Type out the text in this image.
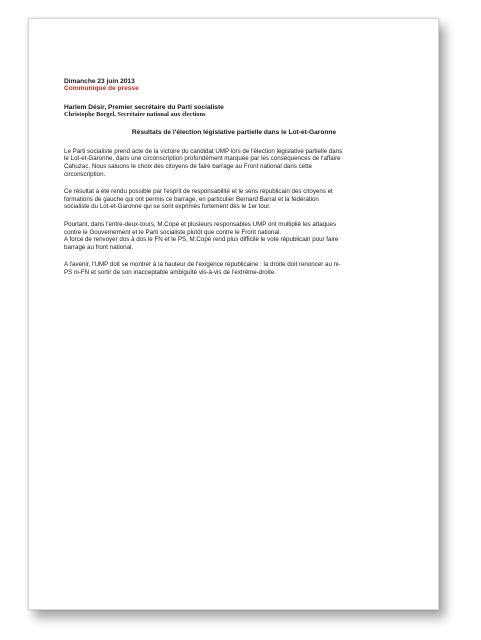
Dimanche 23 juin 2013
Communiqué de presse
Harlem Désir, Premier secrétaire du Parti socialiste
Christophe Borgel, Secrétaire national aux élections
Résultats de l'élection législative partielle dans le Lot-et-Garonne
Le Parti socialiste prend acte de la victoire du candidat UMP lors de l'élection législative partielle dans
le Lot-et-Garonne, dans une circonscription profondément marquée par les conséquences de l'affaire
Cahuzac. Nous saluons le choix des citoyens de faire barrage au Front national dans cette
circonscription.
Ce résultat a été rendu possible par l'esprit de responsabilité et le sens républicain des citoyens et
formations de gauche qui ont permis ce barrage, en particulier Bernard Barral et la fédération
socialiste du Lot-et-Garonne qui se sont exprimés fortement dès le 1er tour.
Pourtant, dans l'entre-deux-tours, M.Copé et plusieurs responsables UMP ont multiplié les attaques
contre le Gouvernement et le Parti socialiste plutôt que contre le Front national.
A force de renvoyer dos à dos le FN et le PS, M.Copé rend plus difficile le vote républicain pour faire
barrage au front national.
A l'avenir, l'UMP doit se montrer à la hauteur de l'exigence républicaine : la droite doit renoncer au ni-
PS ni-FN et sortir de son inacceptable ambiguïté vis-à-vis de l'extrême-droite.
